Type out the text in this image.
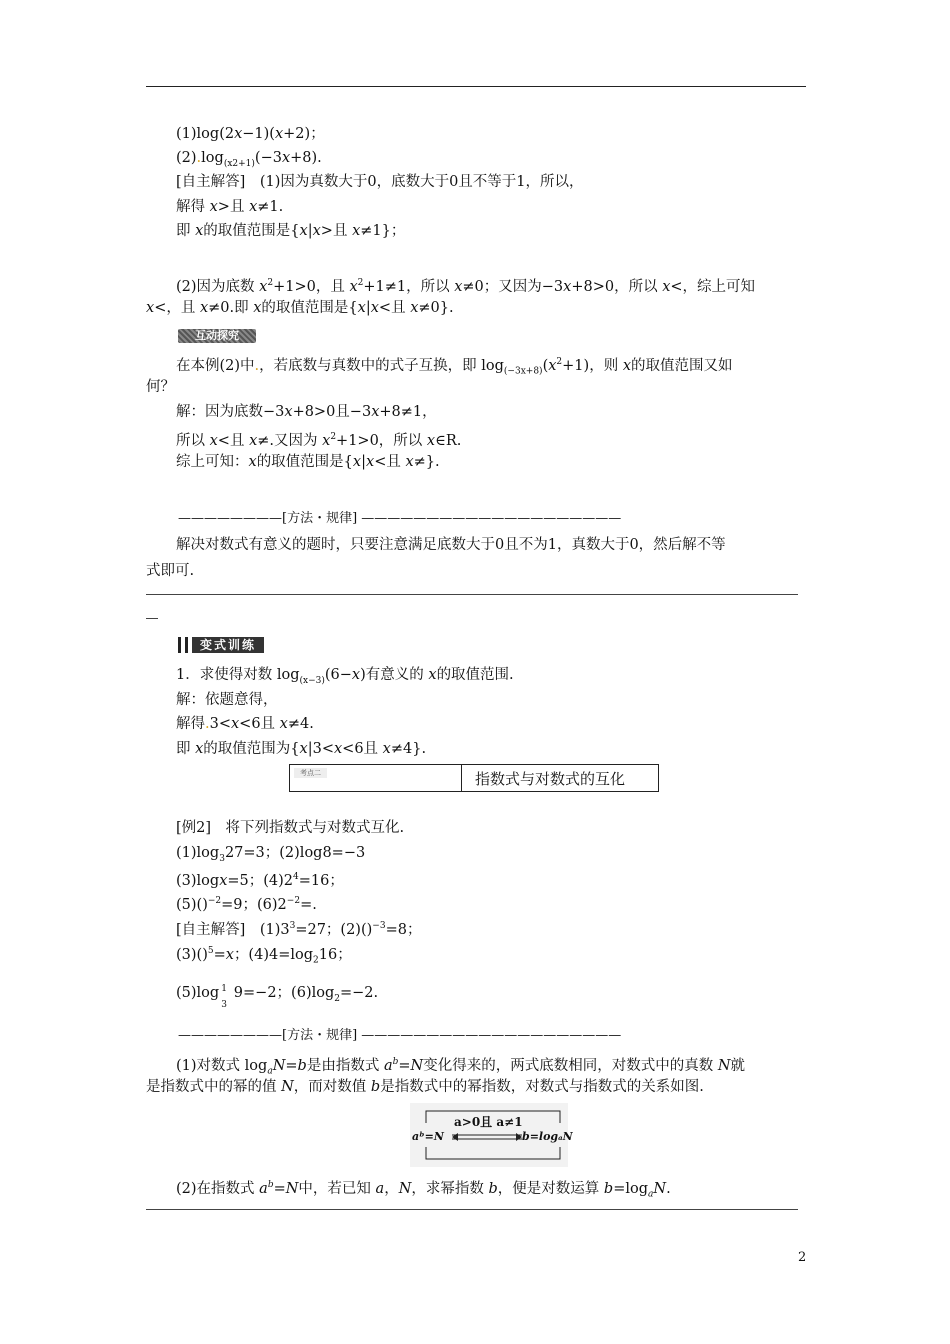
(1)log(2x−1)(x+2)；
$(2).\log_{(x2+1)}(-3x+8)$.
[自主解答]　(1)因为真数大于0，底数大于0且不等于1，所以，
解得 x>且 x≠1.
即 x的取值范围是{x|x>且 x≠1}；
(2)因为底数 $x^2+1>0$，且 $x^2+1\ne 1$，所以 x≠0；又因为−3x+8>0，所以 x<，综上可知
x<，且 x≠0.即 x的取值范围是{x|x<且 x≠0}.
互动探究
在本例(2)中.，若底数与真数中的式子互换，即 $\log_{(-3x+8)}(x^2+1)$，则 x的取值范围又如
何？
解：因为底数−3x+8>0且−3x+8≠1，
所以 x<且 x≠.又因为 $x^2+1>0$，所以 x∈R.
综上可知：x的取值范围是{x|x<且 x≠}.
————————[方法・规律] ————————————————————
解决对数式有意义的题时，只要注意满足底数大于0且不为1，真数大于0，然后解不等
式即可.
变式训练
1．求使得对数 $\log_{(x-3)}(6-x)$有意义的 x的取值范围.
解：依题意得，
解得.3<x<6且 x≠4.
即 x的取值范围为{x|3<x<6且 x≠4}.
考点二	指数式与对数式的互化
[例2]　将下列指数式与对数式互化.
$(1)\log_327=3$；(2)log8=−3
(3)logx=5；$(4)2^4=16$；
(5)()$^{-2}$=9；$(6)2^{-2}=$.
[自主解答]　$(1)3^3=27$；(2)()$^{-3}$=8；
(3)()$^5$=x；$(4)4=\log_216$；
(5)log 1
3
9=−2；$(6)\log_2=-2$.
————————[方法・规律] ————————————————————
(1)对数式 $\log_aN=b$是由指数式 $a^b=N$变化得来的，两式底数相同，对数式中的真数 N就
是指数式中的幂的值 N，而对数值 b是指数式中的幂指数，对数式与指数式的关系如图.
a>0且 a≠1
aᵇ=N	b=logₐN
(2)在指数式 $a^b=N$中，若已知 a，N，求幂指数 b，便是对数运算 $b=\log_aN$.
2
